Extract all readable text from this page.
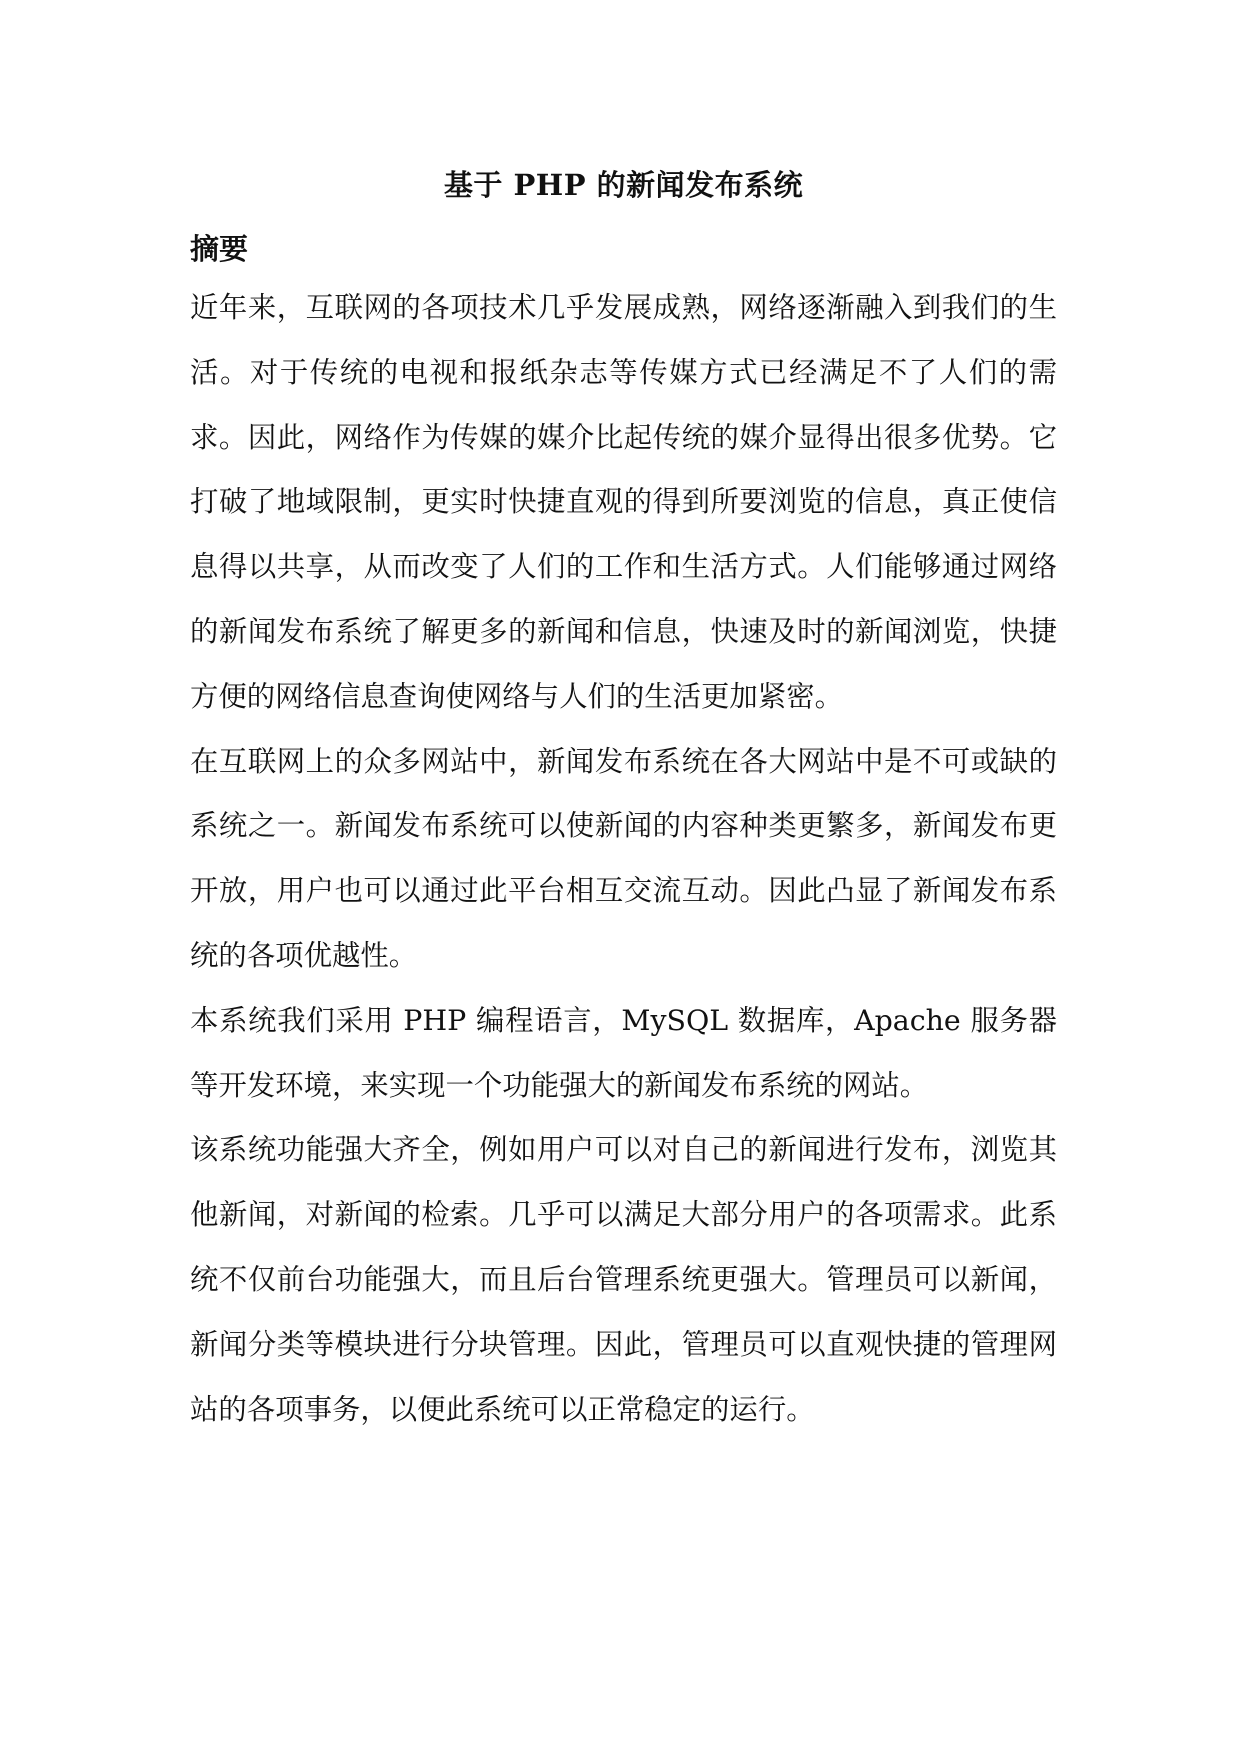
基于 PHP 的新闻发布系统
摘要

近年来，互联网的各项技术几乎发展成熟，网络逐渐融入到我们的生活。对于传统的电视和报纸杂志等传媒方式已经满足不了人们的需求。因此，网络作为传媒的媒介比起传统的媒介显得出很多优势。它打破了地域限制，更实时快捷直观的得到所要浏览的信息，真正使信息得以共享，从而改变了人们的工作和生活方式。人们能够通过网络的新闻发布系统了解更多的新闻和信息，快速及时的新闻浏览，快捷方便的网络信息查询使网络与人们的生活更加紧密。

在互联网上的众多网站中，新闻发布系统在各大网站中是不可或缺的系统之一。新闻发布系统可以使新闻的内容种类更繁多，新闻发布更开放，用户也可以通过此平台相互交流互动。因此凸显了新闻发布系统的各项优越性。

本系统我们采用 PHP 编程语言，MySQL 数据库，Apache 服务器等开发环境，来实现一个功能强大的新闻发布系统的网站。

该系统功能强大齐全，例如用户可以对自己的新闻进行发布，浏览其他新闻，对新闻的检索。几乎可以满足大部分用户的各项需求。此系统不仅前台功能强大，而且后台管理系统更强大。管理员可以新闻，新闻分类等模块进行分块管理。因此，管理员可以直观快捷的管理网站的各项事务，以便此系统可以正常稳定的运行。
